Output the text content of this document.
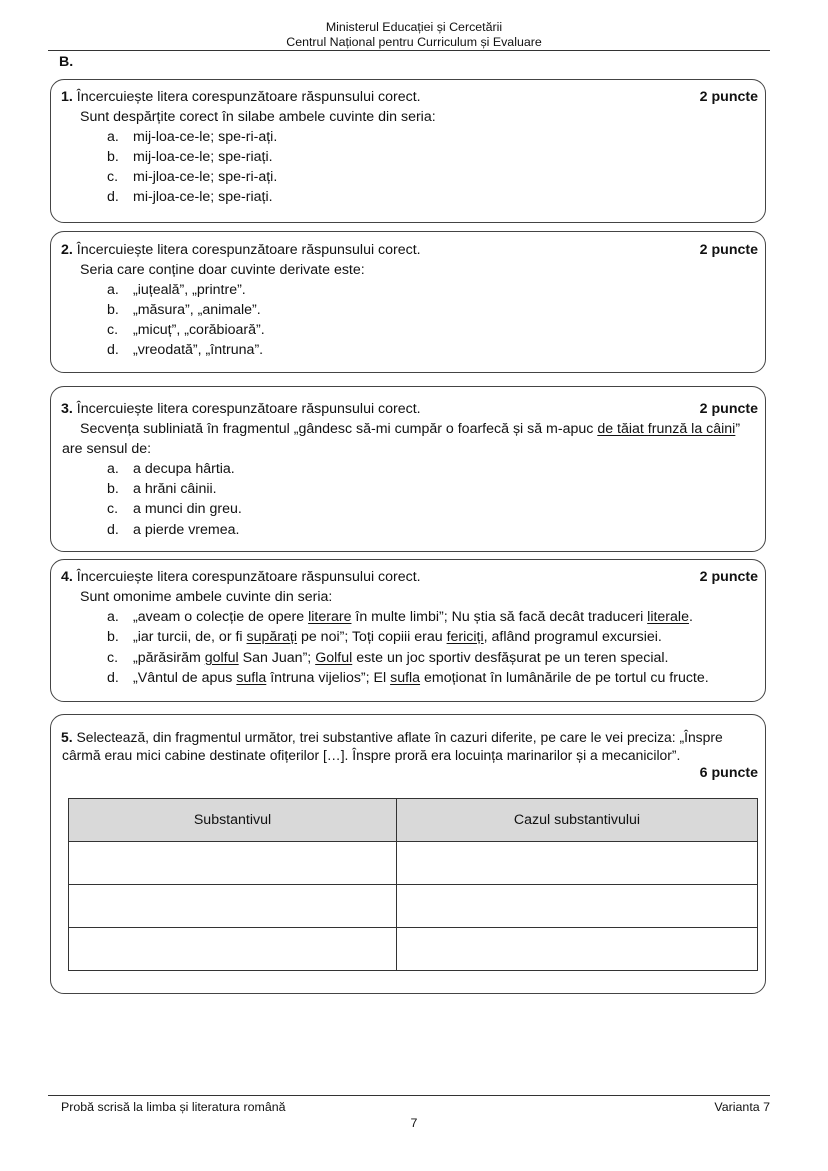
Ministerul Educației și Cercetării
Centrul Național pentru Curriculum și Evaluare
B.
1. Încercuiește litera corespunzătoare răspunsului corect.	2 puncte
Sunt despărțite corect în silabe ambele cuvinte din seria:
a. mij-loa-ce-le; spe-ri-ați.
b. mij-loa-ce-le; spe-riați.
c. mi-jloa-ce-le; spe-ri-ați.
d. mi-jloa-ce-le; spe-riați.
2. Încercuiește litera corespunzătoare răspunsului corect.	2 puncte
Seria care conține doar cuvinte derivate este:
a. „iuțeală”, „printre”.
b. „măsura”, „animale”.
c. „micuț”, „corăbioară”.
d. „vreodată”, „întruna”.
3. Încercuiește litera corespunzătoare răspunsului corect.	2 puncte
Secvența subliniată în fragmentul „gândesc să-mi cumpăr o foarfecă și să m-apuc de tăiat frunză la câini”
are sensul de:
a. a decupa hârtia.
b. a hrăni câinii.
c. a munci din greu.
d. a pierde vremea.
4. Încercuiește litera corespunzătoare răspunsului corect.	2 puncte
Sunt omonime ambele cuvinte din seria:
a. „aveam o colecție de opere literare în multe limbi”; Nu știa să facă decât traduceri literale.
b. „iar turcii, de, or fi supărați pe noi”; Toți copiii erau fericiți, aflând programul excursiei.
c. „părăsirăm golful San Juan”; Golful este un joc sportiv desfășurat pe un teren special.
d. „Vântul de apus sufla întruna vijelios”; El sufla emoționat în lumânările de pe tortul cu fructe.
5. Selectează, din fragmentul următor, trei substantive aflate în cazuri diferite, pe care le vei preciza: „Înspre
cârmă erau mici cabine destinate ofițerilor […]. Înspre proră era locuința marinarilor și a mecanicilor”.
6 puncte
Substantivul	Cazul substantivului

Probă scrisă la limba și literatura română	Varianta 7
7
